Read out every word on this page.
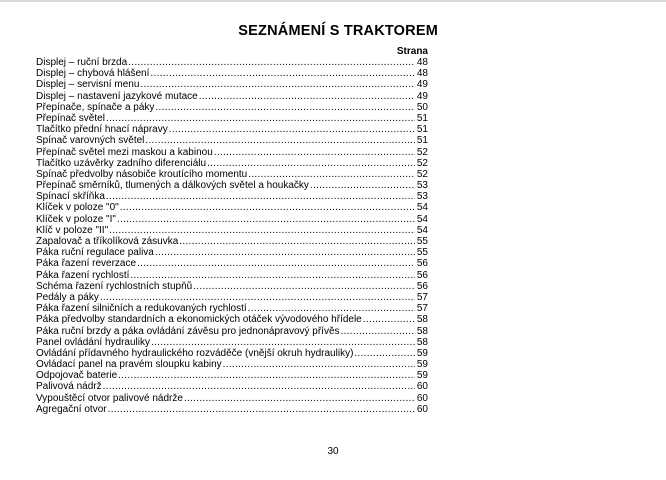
SEZNÁMENÍ S TRAKTOREM
Strana
Displej – ruční brzda .....	48
Displej – chybová hlášení .....	48
Displej – servisní menu .....	49
Displej – nastavení jazykové mutace .....	49
Přepínače, spínače a páky .....	50
Přepínač světel .....	51
Tlačítko přední hnací nápravy .....	51
Spínač varovných světel .....	51
Přepínač světel mezi maskou a kabinou .....	52
Tlačítko uzávěrky zadního diferenciálu .....	52
Spínač předvolby násobiče kroutícího momentu .....	52
Přepínač směrníků, tlumených a dálkových světel a houkačky .....	53
Spínací skříňka .....	53
Klíček v poloze "0" .....	54
Klíček v poloze "I" .....	54
Klíč v poloze "II" .....	54
Zapalovač a tříkolíková zásuvka .....	55
Páka ruční regulace paliva .....	55
Páka řazení reverzace .....	56
Páka řazení rychlostí .....	56
Schéma řazení rychlostních stupňů .....	56
Pedály a páky .....	57
Páka řazení silničních a redukovaných rychlostí .....	57
Páka předvolby standardních a ekonomických otáček vývodového hřídele .....	58
Páka ruční brzdy a páka ovládání závěsu pro jednonápravový přívěs .....	58
Panel ovládání hydrauliky .....	58
Ovládání přídavného hydraulického rozváděče (vnější okruh hydrauliky) .....	59
Ovládací panel na pravém sloupku kabiny .....	59
Odpojovač baterie .....	59
Palivová nádrž .....	60
Vypouštěcí otvor palivové nádrže .....	60
Agregační otvor .....	60
30
